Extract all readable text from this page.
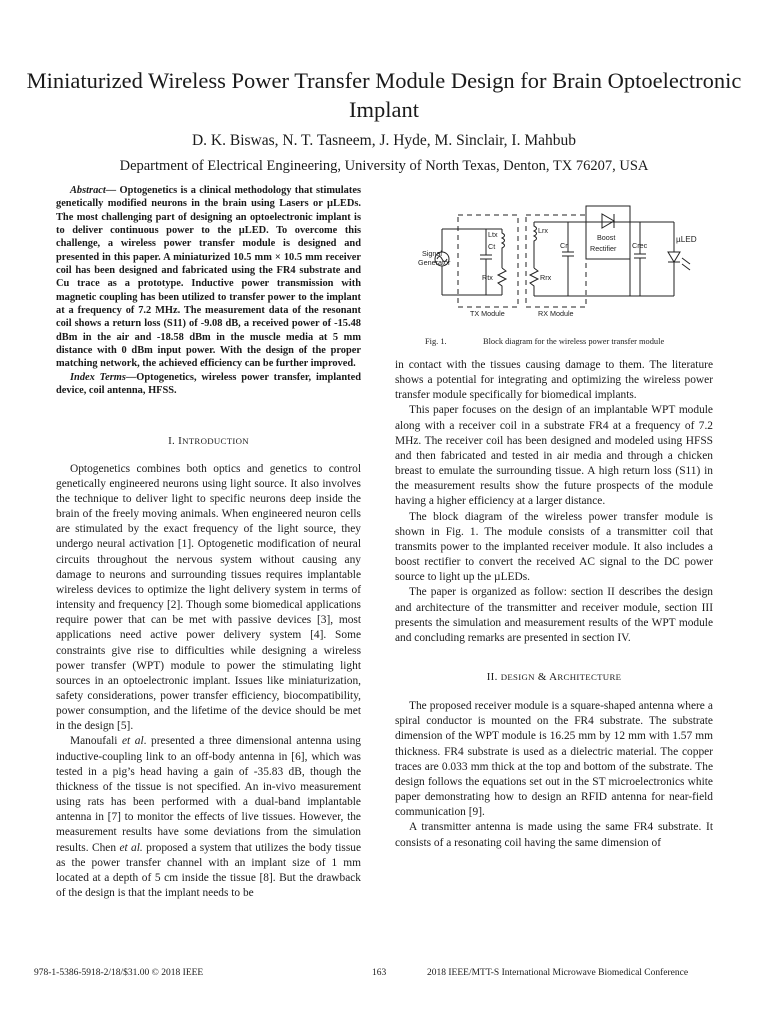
Miniaturized Wireless Power Transfer Module Design for Brain Optoelectronic Implant
D. K. Biswas, N. T. Tasneem, J. Hyde, M. Sinclair, I. Mahbub
Department of Electrical Engineering, University of North Texas, Denton, TX 76207, USA

Abstract— Optogenetics is a clinical methodology that stimulates genetically modified neurons in the brain using Lasers or µLEDs. The most challenging part of designing an optoelectronic implant is to deliver continuous power to the µLED. To overcome this challenge, a wireless power transfer module is designed and presented in this paper. A miniaturized 10.5 mm × 10.5 mm receiver coil has been designed and fabricated using the FR4 substrate and Cu trace as a prototype. Inductive power transmission with magnetic coupling has been utilized to transfer power to the implant at a frequency of 7.2 MHz. The measurement data of the resonant coil shows a return loss (S11) of -9.08 dB, a received power of -15.48 dBm in the air and -18.58 dBm in the muscle media at 5 mm distance with 0 dBm input power. With the design of the proper matching network, the achieved efficiency can be further improved.

Index Terms—Optogenetics, wireless power transfer, implanted device, coil antenna, HFSS.

I. INTRODUCTION

Optogenetics combines both optics and genetics to control genetically engineered neurons using light source. It also involves the technique to deliver light to specific neurons deep inside the brain of the freely moving animals. When engineered neuron cells are stimulated by the exact frequency of the light source, they undergo neural activation [1]. Optogenetic modification of neural circuits throughout the nervous system without causing any damage to neurons and surrounding tissues requires implantable wireless devices to optimize the light delivery system in terms of intensity and frequency [2]. Though some biomedical applications require power that can be met with passive devices [3], most applications need active power delivery system [4]. Some constraints give rise to difficulties while designing a wireless power transfer (WPT) module to power the stimulating light sources in an optoelectronic implant. Issues like miniaturization, safety considerations, power transfer efficiency, biocompatibility, power consumption, and the lifetime of the device should be met in the design [5].

Manoufali et al. presented a three dimensional antenna using inductive-coupling link to an off-body antenna in [6], which was tested in a pig’s head having a gain of -35.83 dB, though the thickness of the tissue is not specified. An in-vivo measurement using rats has been performed with a dual-band implantable antenna in [7] to monitor the effects of live tissues. However, the measurement results have some deviations from the simulation results. Chen et al. proposed a system that utilizes the body tissue as the power transfer channel with an implant size of 1 mm located at a depth of 5 cm inside the tissue [8]. But the drawback of the design is that the implant needs to be

Signal
Generator
Ltx
Ct
Rtx
Lrx
Cr
Rrx
Boost
Rectifier Crec
µLED
TX Module	RX Module
Fig. 1.	Block diagram for the wireless power transfer module

in contact with the tissues causing damage to them. The literature shows a potential for integrating and optimizing the wireless power transfer module specifically for biomedical implants.

This paper focuses on the design of an implantable WPT module along with a receiver coil in a substrate FR4 at a frequency of 7.2 MHz. The receiver coil has been designed and modeled using HFSS and then fabricated and tested in air media and through a chicken breast to emulate the surrounding tissue. A high return loss (S11) in the measurement results show the future prospects of the module having a higher efficiency at a larger distance.

The block diagram of the wireless power transfer module is shown in Fig. 1. The module consists of a transmitter coil that transmits power to the implanted receiver module. It also includes a boost rectifier to convert the received AC signal to the DC power source to light up the µLEDs.

The paper is organized as follow: section II describes the design and architecture of the transmitter and receiver module, section III presents the simulation and measurement results of the WPT module and concluding remarks are presented in section IV.

II. DESIGN & ARCHITECTURE

The proposed receiver module is a square-shaped antenna where a spiral conductor is mounted on the FR4 substrate. The substrate dimension of the WPT module is 16.25 mm by 12 mm with 1.57 mm thickness. FR4 substrate is used as a dielectric material. The copper traces are 0.033 mm thick at the top and bottom of the substrate. The design follows the equations set out in the ST microelectronics white paper demonstrating how to design an RFID antenna for near-field communication [9].

A transmitter antenna is made using the same FR4 substrate. It consists of a resonating coil having the same dimension of

978-1-5386-5918-2/18/$31.00 © 2018 IEEE	163	2018 IEEE/MTT-S International Microwave Biomedical Conference
